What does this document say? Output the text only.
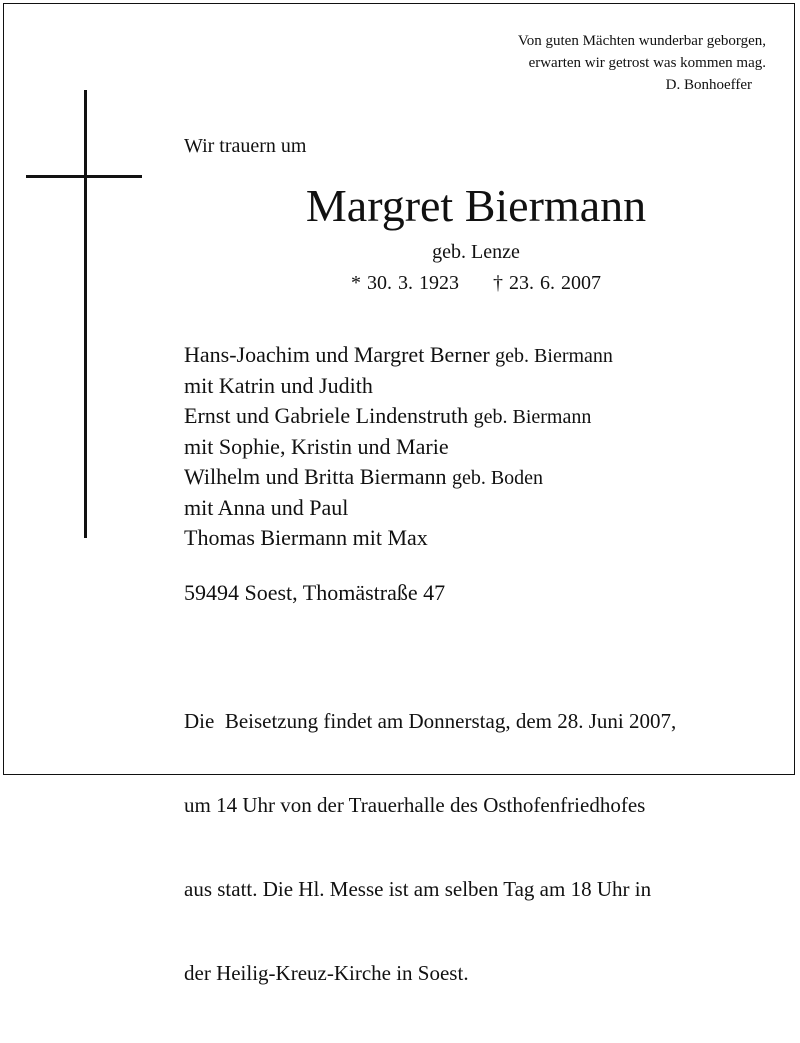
Von guten Mächten wunderbar geborgen,
erwarten wir getrost was kommen mag.
D. Bonhoeffer
Wir trauern um
Margret Biermann
geb. Lenze
* 30. 3. 1923 † 23. 6. 2007
Hans-Joachim und Margret Berner geb. Biermann
mit Katrin und Judith
Ernst und Gabriele Lindenstruth geb. Biermann
mit Sophie, Kristin und Marie
Wilhelm und Britta Biermann geb. Boden
mit Anna und Paul
Thomas Biermann mit Max
59494 Soest, Thomästraße 47

Die  Beisetzung findet am Donnerstag, dem 28. Juni 2007,

um 14 Uhr von der Trauerhalle des Osthofenfriedhofes

aus statt. Die Hl. Messe ist am selben Tag am 18 Uhr in

der Heilig-Kreuz-Kirche in Soest.
